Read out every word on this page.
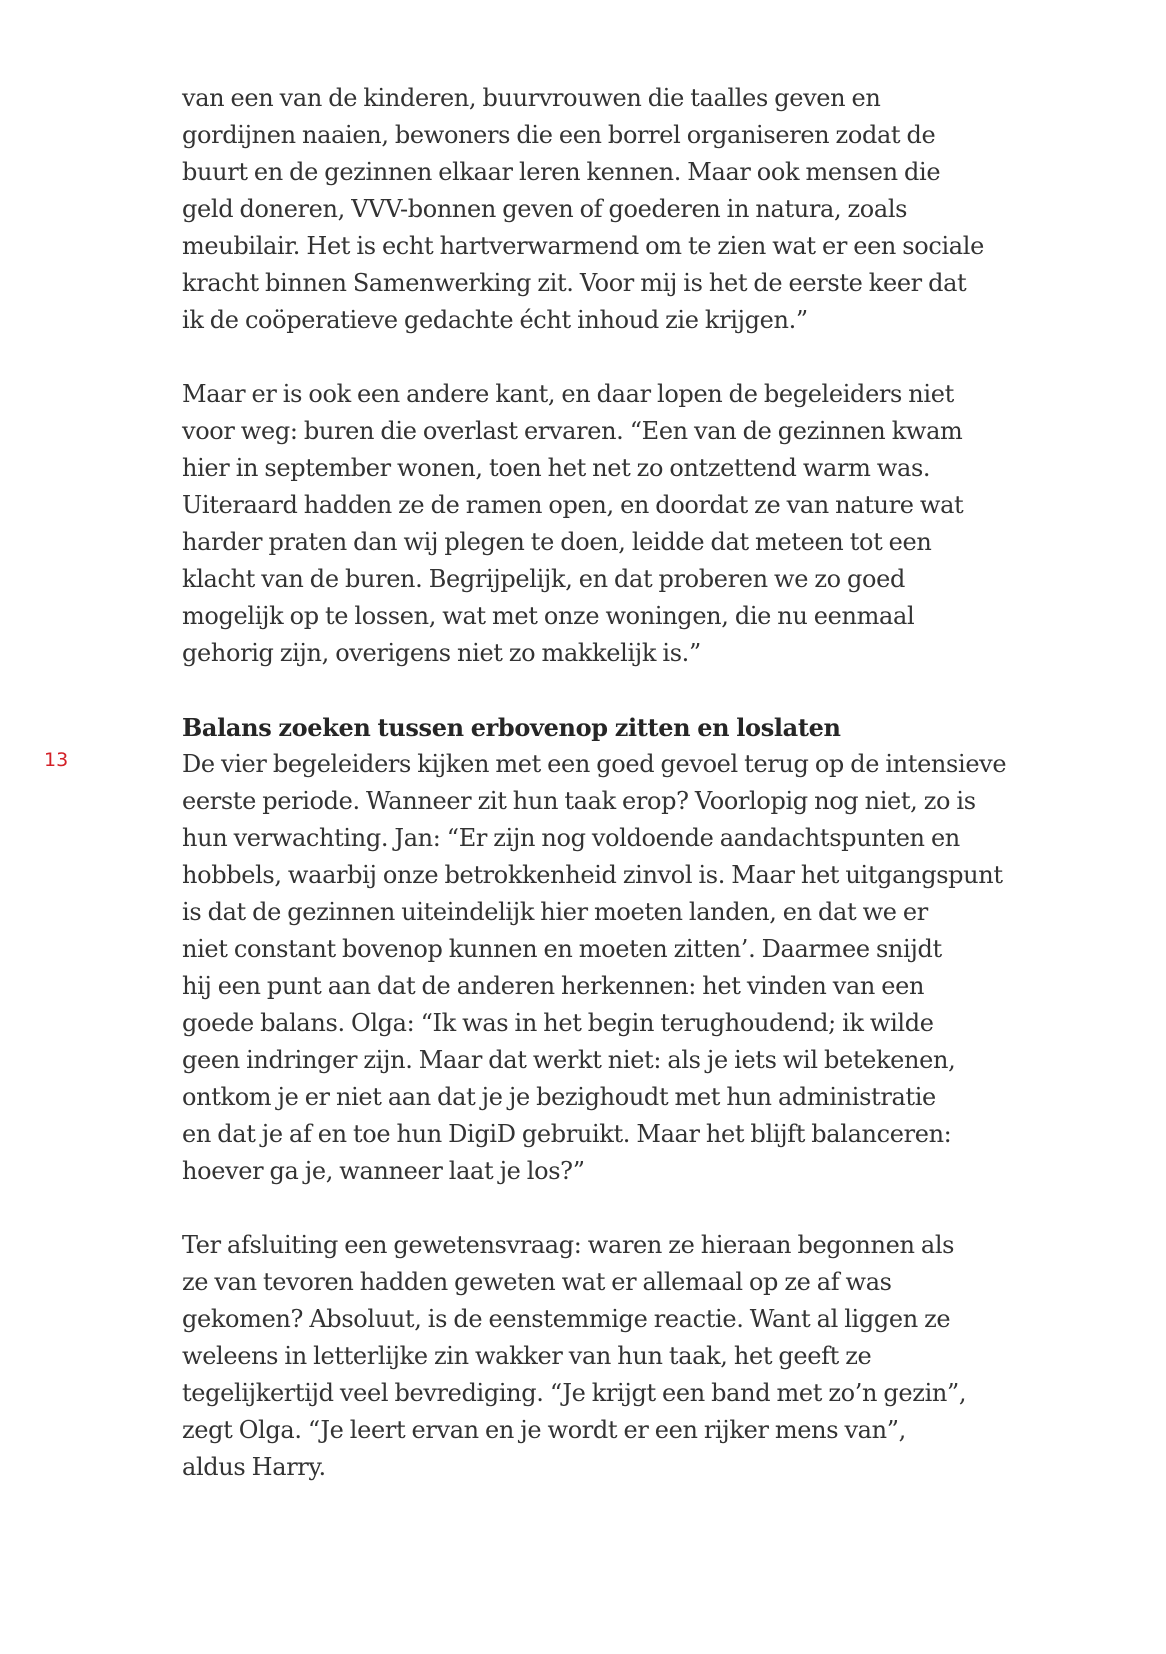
13

van een van de kinderen, buurvrouwen die taalles geven en
gordijnen naaien, bewoners die een borrel organiseren zodat de
buurt en de gezinnen elkaar leren kennen. Maar ook mensen die
geld doneren, VVV-bonnen geven of goederen in natura, zoals
meubilair. Het is echt hartverwarmend om te zien wat er een sociale
kracht binnen Samenwerking zit. Voor mij is het de eerste keer dat
ik de coöperatieve gedachte écht inhoud zie krijgen.”

Maar er is ook een andere kant, en daar lopen de begeleiders niet
voor weg: buren die overlast ervaren. “Een van de gezinnen kwam
hier in september wonen, toen het net zo ontzettend warm was.
Uiteraard hadden ze de ramen open, en doordat ze van nature wat
harder praten dan wij plegen te doen, leidde dat meteen tot een
klacht van de buren. Begrijpelijk, en dat proberen we zo goed
mogelijk op te lossen, wat met onze woningen, die nu eenmaal
gehorig zijn, overigens niet zo makkelijk is.”

Balans zoeken tussen erbovenop zitten en loslaten
De vier begeleiders kijken met een goed gevoel terug op de intensieve
eerste periode. Wanneer zit hun taak erop? Voorlopig nog niet, zo is
hun verwachting. Jan: “Er zijn nog voldoende aandachtspunten en
hobbels, waarbij onze betrokkenheid zinvol is. Maar het uitgangspunt
is dat de gezinnen uiteindelijk hier moeten landen, en dat we er
niet constant bovenop kunnen en moeten zitten’. Daarmee snijdt
hij een punt aan dat de anderen herkennen: het vinden van een
goede balans. Olga: “Ik was in het begin terughoudend; ik wilde
geen indringer zijn. Maar dat werkt niet: als je iets wil betekenen,
ontkom je er niet aan dat je je bezighoudt met hun administratie
en dat je af en toe hun DigiD gebruikt. Maar het blijft balanceren:
hoever ga je, wanneer laat je los?”

Ter afsluiting een gewetensvraag: waren ze hieraan begonnen als
ze van tevoren hadden geweten wat er allemaal op ze af was
gekomen? Absoluut, is de eenstemmige reactie. Want al liggen ze
weleens in letterlijke zin wakker van hun taak, het geeft ze
tegelijkertijd veel bevrediging. “Je krijgt een band met zo’n gezin”,
zegt Olga. “Je leert ervan en je wordt er een rijker mens van”,
aldus Harry.
